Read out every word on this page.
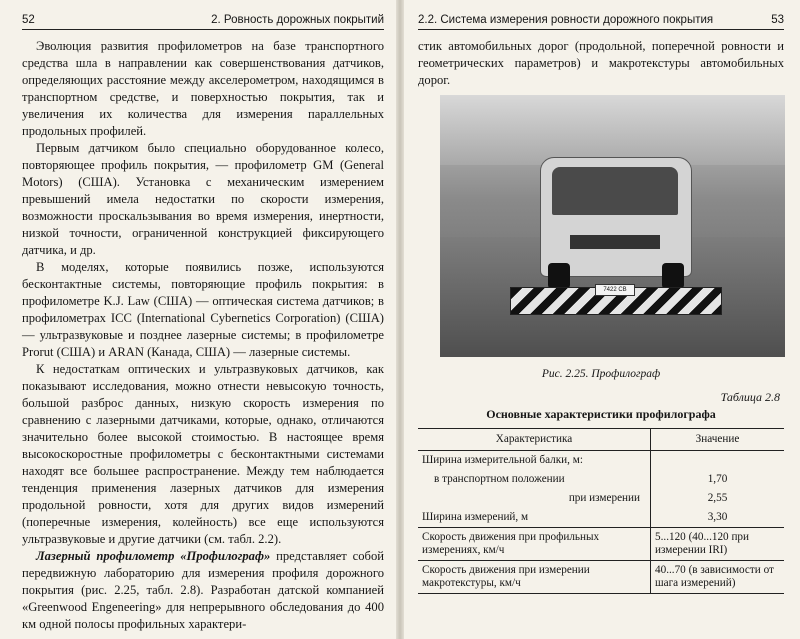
52	2. Ровность дорожных покрытий

Эволюция развития профилометров на базе транспортного средства шла в направлении как совершенствования датчиков, определяющих расстояние между акселерометром, находящимся в транспортном средстве, и поверхностью покрытия, так и увеличения их количества для измерения параллельных продольных профилей.

Первым датчиком было специально оборудованное колесо, повторяющее профиль покрытия, — профилометр GM (General Motors) (США). Установка с механическим измерением превышений имела недостатки по скорости измерения, возможности проскальзывания во время измерения, инертности, низкой точности, ограниченной конструкцией фиксирующего датчика, и др.

В моделях, которые появились позже, используются бесконтактные системы, повторяющие профиль покрытия: в профилометре K.J. Law (США) — оптическая система датчиков; в профилометрах ICC (International Cybernetics Corporation) (США) — ультразвуковые и позднее лазерные системы; в профилометре Prorut (США) и ARAN (Канада, США) — лазерные системы.

К недостаткам оптических и ультразвуковых датчиков, как показывают исследования, можно отнести невысокую точность, большой разброс данных, низкую скорость измерения по сравнению с лазерными датчиками, которые, однако, отличаются значительно более высокой стоимостью. В настоящее время высокоскоростные профилометры с бесконтактными системами находят все большее распространение. Между тем наблюдается тенденция применения лазерных датчиков для измерения продольной ровности, хотя для других видов измерений (поперечные измерения, колейность) все еще используются ультразвуковые и другие датчики (см. табл. 2.2).

Лазерный профилометр «Профилограф» представляет собой передвижную лабораторию для измерения профиля дорожного покрытия (рис. 2.25, табл. 2.8). Разработан датской компанией «Greenwood Engeneering» для непрерывного обследования до 400 км одной полосы профильных характери-

2.2. Система измерения ровности дорожного покрытия	53

стик автомобильных дорог (продольной, поперечной ровности и геометрических параметров) и макротекстуры автомобильных дорог.

7422 CB
Рис. 2.25. Профилограф
Таблица 2.8
Основные характеристики профилографа
Характеристика	Значение
Ширина измерительной балки, м:	
в транспортном положении	1,70
при измерении	2,55
Ширина измерений, м	3,30
Скорость движения при профильных измерениях, км/ч	5...120 (40...120 при измерении IRI)
Скорость движения при измерении макротекстуры, км/ч	40...70 (в зависимости от шага измерений)
